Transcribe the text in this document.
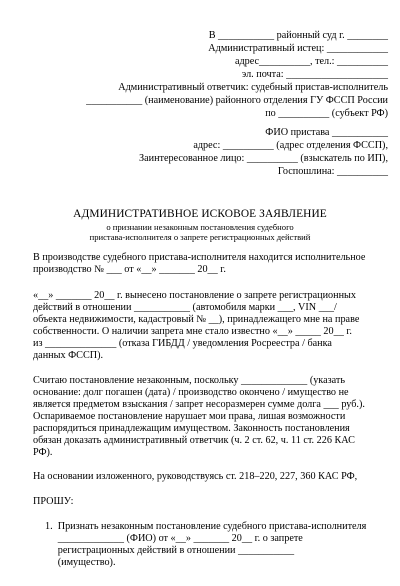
В ___________ районный суд г. ________
Административный истец: ____________
адрес__________, тел.: __________
эл. почта: ____________________
Административный ответчик: судебный пристав-исполнитель
___________ (наименование) районного отделения ГУ ФССП России
по __________ (субъект РФ)
ФИО пристава ___________
адрес: __________ (адрес отделения ФССП),
Заинтересованное лицо: __________ (взыскатель по ИП),
Госпошлина: __________
АДМИНИСТРАТИВНОЕ ИСКОВОЕ ЗАЯВЛЕНИЕ
о признании незаконным постановления судебного
пристава-исполнителя о запрете регистрационных действий
В производстве судебного пристава-исполнителя находится исполнительное
производство № ___ от «__» _______ 20__ г.
«__» _______ 20__ г. вынесено постановление о запрете регистрационных
действий в отношении ___________ (автомобиля марки ___, VIN ___/
объекта недвижимости, кадастровый № __), принадлежащего мне на праве
собственности. О наличии запрета мне стало известно «__» _____ 20__ г.
из ______________ (отказа ГИБДД / уведомления Росреестра / банка
данных ФССП).
Считаю постановление незаконным, поскольку _____________ (указать
основание: долг погашен (дата) / производство окончено / имущество не
является предметом взыскания / запрет несоразмерен сумме долга ___ руб.).
Оспариваемое постановление нарушает мои права, лишая возможности
распорядиться принадлежащим имуществом. Законность постановления
обязан доказать административный ответчик (ч. 2 ст. 62, ч. 11 ст. 226 КАС
РФ).
На основании изложенного, руководствуясь ст. 218–220, 227, 360 КАС РФ,
ПРОШУ:
1.  Признать незаконным постановление судебного пристава-исполнителя
_____________ (ФИО) от «__» _______ 20__ г. о запрете
регистрационных действий в отношении ___________
(имущество).
